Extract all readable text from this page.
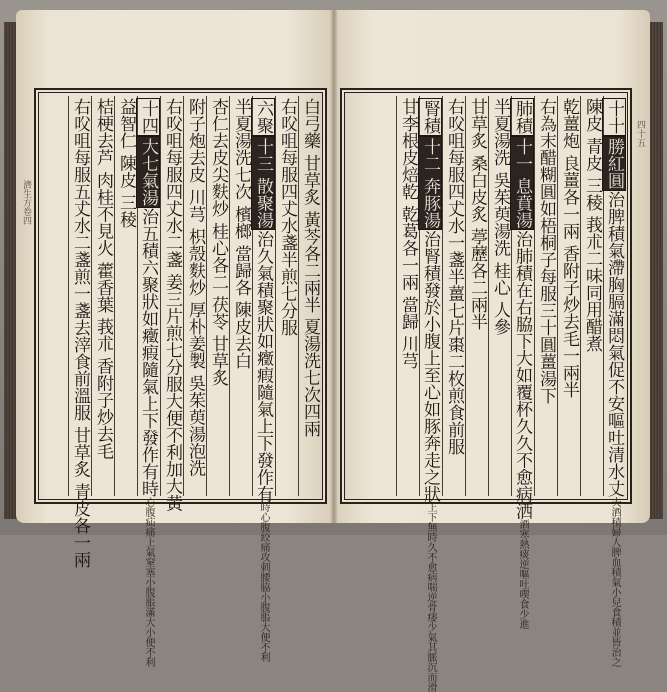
濟生方卷四
四十五
白弓藥 甘草炙 黃芩各二兩半 夏湯洗七次四兩
右㕮咀每服四𠀋水盞半煎七分服
六聚十三 散聚湯治久氣積聚狀如癥瘕隨氣上下發作有時心腹絞痛攻刺腰脇小腹脹大便不利
半夏湯洗七次 檳榔 當歸各 陳皮去白
杏仁去皮尖麩炒 桂心各二 茯苓 甘草炙
附子炮去皮 川芎 枳殼麩炒 厚朴姜製 吳茱萸湯泡洗
右㕮咀每服四𠀋水二盞 姜三片煎七分服大便不利加大黃
十四大七氣湯治五積六聚狀如癥瘕隨氣上下發作有時心腹疝痛上氣窒塞小腹脹滿大小便不利
益智仁 陳皮 三稜
桔梗去芦 肉桂不見火 藿香葉 莪朮 香附子炒去毛
右㕮咀每服五𠀋水二盞煎一盞去滓食前溫服 甘草炙 青皮各一兩	十十勝紅圓治脾積氣滯胸膈滿悶氣促不安嘔吐清水丈夫酒積婦人脾血積氣小兒食積並皆治之
陳皮 青皮 三稜 莪朮二味同用醋煮
乾薑炮 良薑各一兩 香附子炒去毛一兩半
右為末醋糊圓如梧桐子每服三十圓薑湯下
肺積十一 息賁湯治肺積在右脇下大如覆杯久久不愈病洒酒寒熱痰逆嘔吐喫食少進
半夏湯洗 吳茱萸湯洗 桂心 人參
甘草炙 桑白皮炙 葶藶各二兩半
右㕮咀每服四𠀋水一盞半薑七片棗二枚煎食前服
腎積十二 奔豚湯治腎積發於小腹上至心如豚奔走之狀上下無時久不愈病喘逆骨痿少氣其脈沉而滑
甘李根皮焙乾 乾葛各一兩 當歸 川芎
